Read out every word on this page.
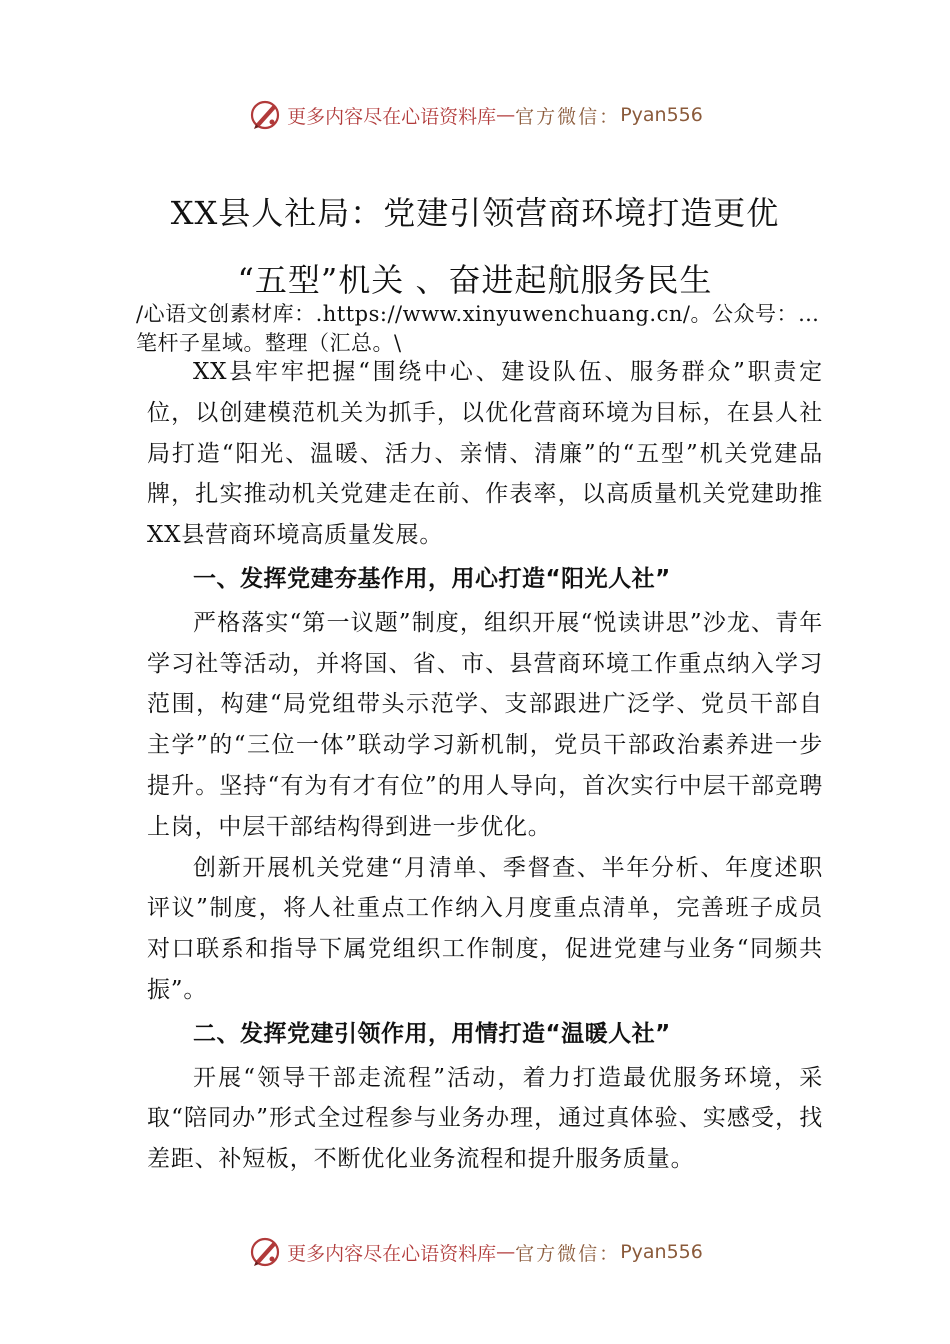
更多内容尽在心语资料库 — 官方微信： Pyan556
XX县人社局：党建引领营商环境打造更优
“五型”机关 、奋进起航服务民生

/心语文创素材库：.https://www.xinyuwenchuang.cn/。公众号：…笔杆子星域。整理（汇总。\

XX县牢牢把握“围绕中心、建设队伍、服务群众”职责定位，以创建模范机关为抓手，以优化营商环境为目标，在县人社局打造“阳光、温暖、活力、亲情、清廉”的“五型”机关党建品牌，扎实推动机关党建走在前、作表率，以高质量机关党建助推XX县营商环境高质量发展。

一、发挥党建夯基作用，用心打造“阳光人社”

严格落实“第一议题”制度，组织开展“悦读讲思”沙龙、青年学习社等活动，并将国、省、市、县营商环境工作重点纳入学习范围，构建“局党组带头示范学、支部跟进广泛学、党员干部自主学”的“三位一体”联动学习新机制，党员干部政治素养进一步提升。坚持“有为有才有位”的用人导向，首次实行中层干部竞聘上岗，中层干部结构得到进一步优化。

创新开展机关党建“月清单、季督查、半年分析、年度述职评议”制度，将人社重点工作纳入月度重点清单，完善班子成员对口联系和指导下属党组织工作制度，促进党建与业务“同频共振”。

二、发挥党建引领作用，用情打造“温暖人社”

开展“领导干部走流程”活动，着力打造最优服务环境，采取“陪同办”形式全过程参与业务办理，通过真体验、实感受，找差距、补短板，不断优化业务流程和提升服务质量。

更多内容尽在心语资料库 — 官方微信： Pyan556
